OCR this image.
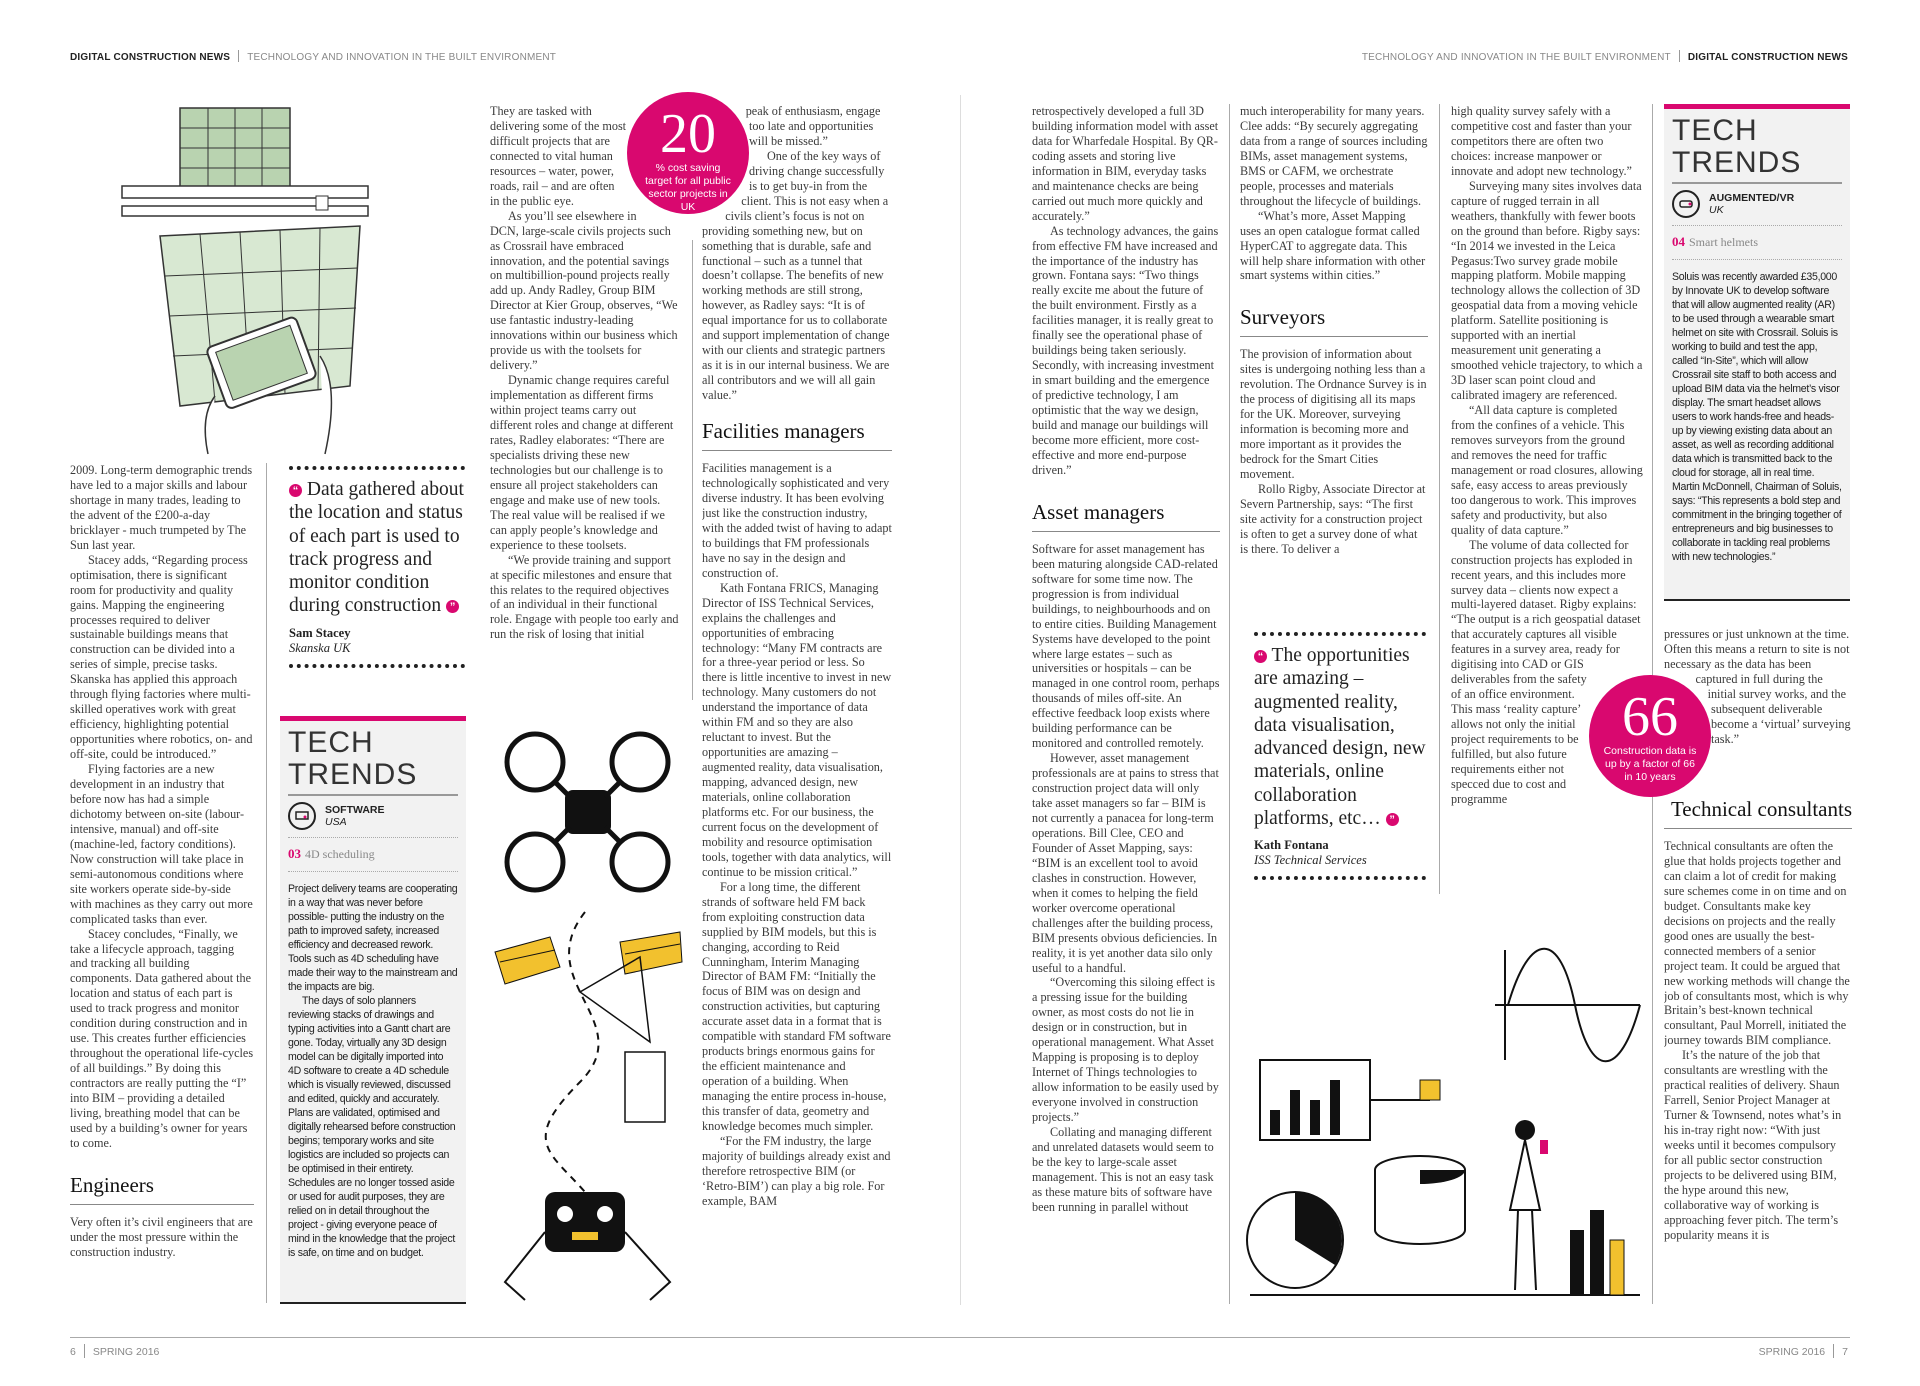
DIGITAL CONSTRUCTION NEWS TECHNOLOGY AND INNOVATION IN THE BUILT ENVIRONMENT	TECHNOLOGY AND INNOVATION IN THE BUILT ENVIRONMENT DIGITAL CONSTRUCTION NEWS

2009. Long-term demographic trends have led to a major skills and labour shortage in many trades, leading to the advent of the £200-a-day bricklayer - much trumpeted by The Sun last year.

Stacey adds, “Regarding process optimisation, there is significant room for productivity and quality gains. Mapping the engineering processes required to deliver sustainable buildings means that construction can be divided into a series of simple, precise tasks. Skanska has applied this approach through flying factories where multi-skilled operatives work with great efficiency, highlighting potential opportunities where robotics, on- and off-site, could be introduced.”

Flying factories are a new development in an industry that before now has had a simple dichotomy between on-site (labour-intensive, manual) and off-site (machine-led, factory conditions). Now construction will take place in semi-autonomous conditions where site workers operate side-by-side with machines as they carry out more complicated tasks than ever.

Stacey concludes, “Finally, we take a lifecycle approach, tagging and tracking all building components. Data gathered about the location and status of each part is used to track progress and monitor condition during construction and in use. This creates further efficiencies throughout the operational life-cycles of all buildings.” By doing this contractors are really putting the “I” into BIM – providing a detailed living, breathing model that can be used by a building’s owner for years to come.

Engineers

Very often it’s civil engineers that are under the most pressure within the construction industry.

“ Data gathered about the location and status of each part is used to track progress and monitor condition during construction ”
Sam Stacey
Skanska UK
TECH TRENDS
SOFTWARE
USA
03 4D scheduling

Project delivery teams are cooperating in a way that was never before possible- putting the industry on the path to improved safety, increased efficiency and decreased rework. Tools such as 4D scheduling have made their way to the mainstream and the impacts are big.

The days of solo planners reviewing stacks of drawings and typing activities into a Gantt chart are gone. Today, virtually any 3D design model can be digitally imported into 4D software to create a 4D schedule which is visually reviewed, discussed and edited, quickly and accurately. Plans are validated, optimised and digitally rehearsed before construction begins; temporary works and site logistics are included so projects can be optimised in their entirety. Schedules are no longer tossed aside or used for audit purposes, they are relied on in detail throughout the project - giving everyone peace of mind in the knowledge that the project is safe, on time and on budget.

They are tasked with delivering some of the most difficult projects that are connected to vital human resources – water, power, roads, rail – and are often in the public eye.

As you’ll see elsewhere in DCN, large-scale civils projects such as Crossrail have embraced innovation, and the potential savings on multibillion-pound projects really add up. Andy Radley, Group BIM Director at Kier Group, observes, “We use fantastic industry-leading innovations within our business which provide us with the toolsets for delivery.”

Dynamic change requires careful implementation as different firms within project teams carry out different roles and change at different rates, Radley elaborates: “There are specialists driving these new technologies but our challenge is to ensure all project stakeholders can engage and make use of new tools. The real value will be realised if we can apply people’s knowledge and experience to these toolsets.

“We provide training and support at specific milestones and ensure that this relates to the required objectives of an individual in their functional role. Engage with people too early and run the risk of losing that initial

20
% cost saving target for all public sector projects in UK

peak of enthusiasm, engage too late and opportunities will be missed.”

One of the key ways of driving change successfully is to get buy-in from the client. This is not easy when a civils client’s focus is not on providing something new, but on something that is durable, safe and functional – such as a tunnel that doesn’t collapse. The benefits of new working methods are still strong, however, as Radley says: “It is of equal importance for us to collaborate and support implementation of change with our clients and strategic partners as it is in our internal business. We are all contributors and we will all gain value.”

Facilities managers

Facilities management is a technologically sophisticated and very diverse industry. It has been evolving just like the construction industry, with the added twist of having to adapt to buildings that FM professionals have no say in the design and construction of.

Kath Fontana FRICS, Managing Director of ISS Technical Services, explains the challenges and opportunities of embracing technology: “Many FM contracts are for a three-year period or less. So there is little incentive to invest in new technology. Many customers do not understand the importance of data within FM and so they are also reluctant to invest. But the opportunities are amazing – augmented reality, data visualisation, mapping, advanced design, new materials, online collaboration platforms etc. For our business, the current focus on the development of mobility and resource optimisation tools, together with data analytics, will continue to be mission critical.”

For a long time, the different strands of software held FM back from exploiting construction data supplied by BIM models, but this is changing, according to Reid Cunningham, Interim Managing Director of BAM FM: “Initially the focus of BIM was on design and construction activities, but capturing accurate asset data in a format that is compatible with standard FM software products brings enormous gains for the efficient maintenance and operation of a building. When managing the entire process in-house, this transfer of data, geometry and knowledge becomes much simpler.

“For the FM industry, the large majority of buildings already exist and therefore retrospective BIM (or ‘Retro-BIM’) can play a big role. For example, BAM

retrospectively developed a full 3D building information model with asset data for Wharfedale Hospital. By QR-coding assets and storing live information in BIM, everyday tasks and maintenance checks are being carried out much more quickly and accurately.”

As technology advances, the gains from effective FM have increased and the importance of the industry has grown. Fontana says: “Two things really excite me about the future of the built environment. Firstly as a facilities manager, it is really great to finally see the operational phase of buildings being taken seriously. Secondly, with increasing investment in smart building and the emergence of predictive technology, I am optimistic that the way we design, build and manage our buildings will become more efficient, more cost-effective and more end-purpose driven.”

Asset managers

Software for asset management has been maturing alongside CAD-related software for some time now. The progression is from individual buildings, to neighbourhoods and on to entire cities. Building Management Systems have developed to the point where large estates – such as universities or hospitals – can be managed in one control room, perhaps thousands of miles off-site. An effective feedback loop exists where building performance can be monitored and controlled remotely.

However, asset management professionals are at pains to stress that construction project data will only take asset managers so far – BIM is not currently a panacea for long-term operations. Bill Clee, CEO and Founder of Asset Mapping, says: “BIM is an excellent tool to avoid clashes in construction. However, when it comes to helping the field worker overcome operational challenges after the building process, BIM presents obvious deficiencies. In reality, it is yet another data silo only useful to a handful.

“Overcoming this siloing effect is a pressing issue for the building owner, as most costs do not lie in design or in construction, but in operational management. What Asset Mapping is proposing is to deploy Internet of Things technologies to allow information to be easily used by everyone involved in construction projects.”

Collating and managing different and unrelated datasets would seem to be the key to large-scale asset management. This is not an easy task as these mature bits of software have been running in parallel without

much interoperability for many years. Clee adds: “By securely aggregating data from a range of sources including BIMs, asset management systems, BMS or CAFM, we orchestrate people, processes and materials throughout the lifecycle of buildings.

“What’s more, Asset Mapping uses an open catalogue format called HyperCAT to aggregate data. This will help share information with other smart systems within cities.”

Surveyors

The provision of information about sites is undergoing nothing less than a revolution. The Ordnance Survey is in the process of digitising all its maps for the UK. Moreover, surveying information is becoming more and more important as it provides the bedrock for the Smart Cities movement.

Rollo Rigby, Associate Director at Severn Partnership, says: “The first site activity for a construction project is often to get a survey done of what is there. To deliver a

“ The opportunities are amazing – augmented reality, data visualisation, advanced design, new materials, online collaboration platforms, etc… ”
Kath Fontana
ISS Technical Services

high quality survey safely with a competitive cost and faster than your competitors there are often two choices: increase manpower or innovate and adopt new technology.”

Surveying many sites involves data capture of rugged terrain in all weathers, thankfully with fewer boots on the ground than before. Rigby says: “In 2014 we invested in the Leica Pegasus:Two survey grade mobile mapping platform. Mobile mapping technology allows the collection of 3D geospatial data from a moving vehicle platform. Satellite positioning is supported with an inertial measurement unit generating a smoothed vehicle trajectory, to which a 3D laser scan point cloud and calibrated imagery are referenced.

“All data capture is completed from the confines of a vehicle. This removes surveyors from the ground and removes the need for traffic management or road closures, allowing safe, easy access to areas previously too dangerous to work. This improves safety and productivity, but also quality of data capture.”

The volume of data collected for construction projects has exploded in recent years, and this includes more survey data – clients now expect a multi-layered dataset. Rigby explains: “The output is a rich geospatial dataset that accurately captures all visible features in a survey area, ready for digitising into CAD or GIS deliverables from the safety of an office environment. This mass ‘reality capture’ allows not only the initial project requirements to be fulfilled, but also future requirements either not specced due to cost and programme

TECH TRENDS
AUGMENTED/VR
UK
04 Smart helmets

Soluis was recently awarded £35,000 by Innovate UK to develop software that will allow augmented reality (AR) to be used through a wearable smart helmet on site with Crossrail. Soluis is working to build and test the app, called “In-Site”, which will allow Crossrail site staff to both access and upload BIM data via the helmet’s visor display. The smart headset allows users to work hands-free and heads-up by viewing existing data about an asset, as well as recording additional data which is transmitted back to the cloud for storage, all in real time. Martin McDonnell, Chairman of Soluis, says: “This represents a bold step and commitment in the bringing together of entrepreneurs and big businesses to collaborate in tackling real problems with new technologies.”

66
Construction data is up by a factor of 66 in 10 years

pressures or just unknown at the time. Often this means a return to site is not necessary as the data has been captured in full during the initial survey works, and the subsequent deliverable become a ‘virtual’ surveying task.”

Technical consultants

Technical consultants are often the glue that holds projects together and can claim a lot of credit for making sure schemes come in on time and on budget. Consultants make key decisions on projects and the really good ones are usually the best-connected members of a senior project team. It could be argued that new working methods will change the job of consultants most, which is why Britain’s best-known technical consultant, Paul Morrell, initiated the journey towards BIM compliance.

It’s the nature of the job that consultants are wrestling with the practical realities of delivery. Shaun Farrell, Senior Project Manager at Turner & Townsend, notes what’s in his in-tray right now: “With just weeks until it becomes compulsory for all public sector construction projects to be delivered using BIM, the hype around this new, collaborative way of working is approaching fever pitch. The term’s popularity means it is

6 SPRING 2016	SPRING 2016 7
